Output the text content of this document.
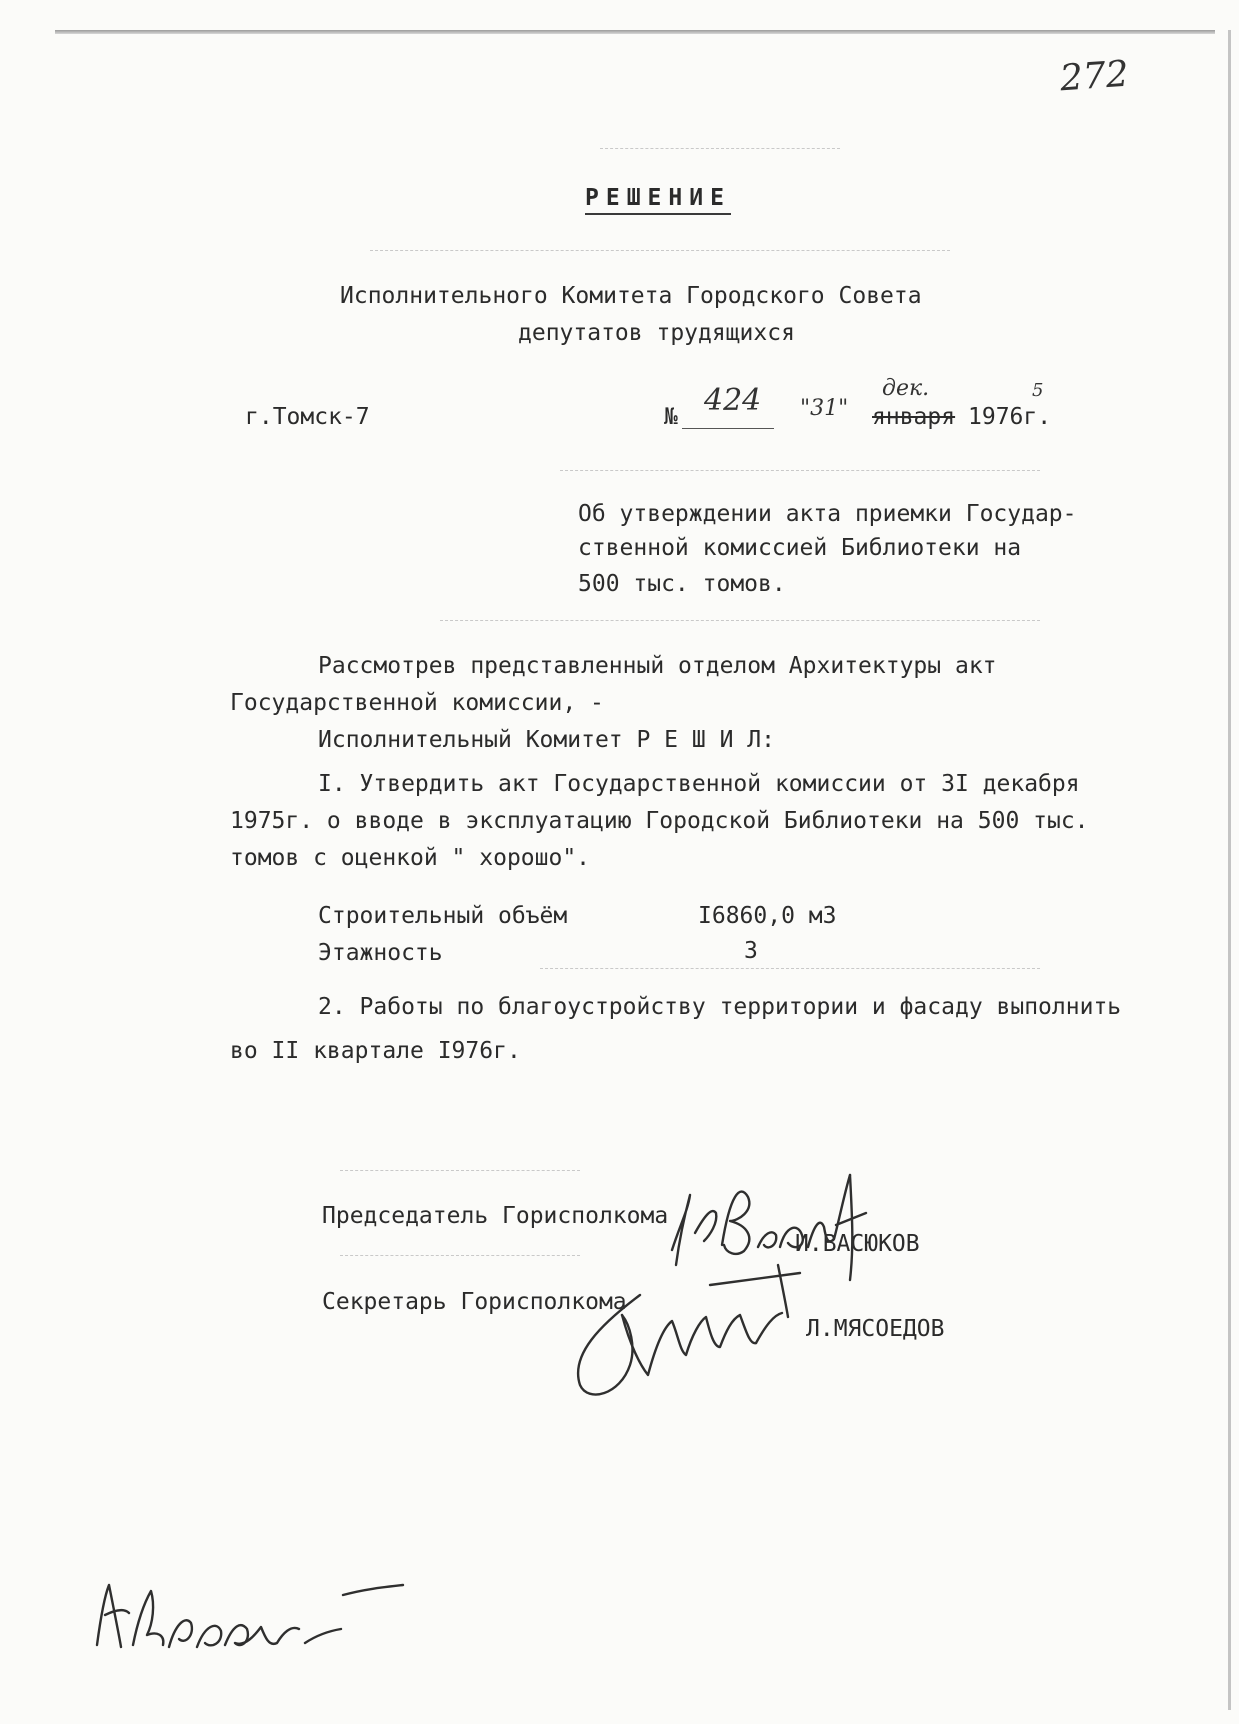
272
РЕШЕНИЕ
Исполнительного Комитета Городского Совета
депутатов трудящихся
г.Томск-7	№ 424 "31"
дек.
января 1976г.
5
Об утверждении акта приемки Государ-
ственной комиссией Библиотеки на
500 тыс. томов.
Рассмотрев представленный отделом Архитектуры акт
Государственной комиссии, -
Исполнительный Комитет Р Е Ш И Л:
I. Утвердить акт Государственной комиссии от 3I декабря
1975г. о вводе в эксплуатацию Городской Библиотеки на 500 тыс.
томов с оценкой " хорошо".
Строительный объём	I6860,0 м3
Этажность	3
2. Работы по благоустройству территории и фасаду выполнить
во II квартале I976г.
Председатель Горисполкома
И.ВАСЮКОВ
Секретарь Горисполкома
Л.МЯСОЕДОВ
